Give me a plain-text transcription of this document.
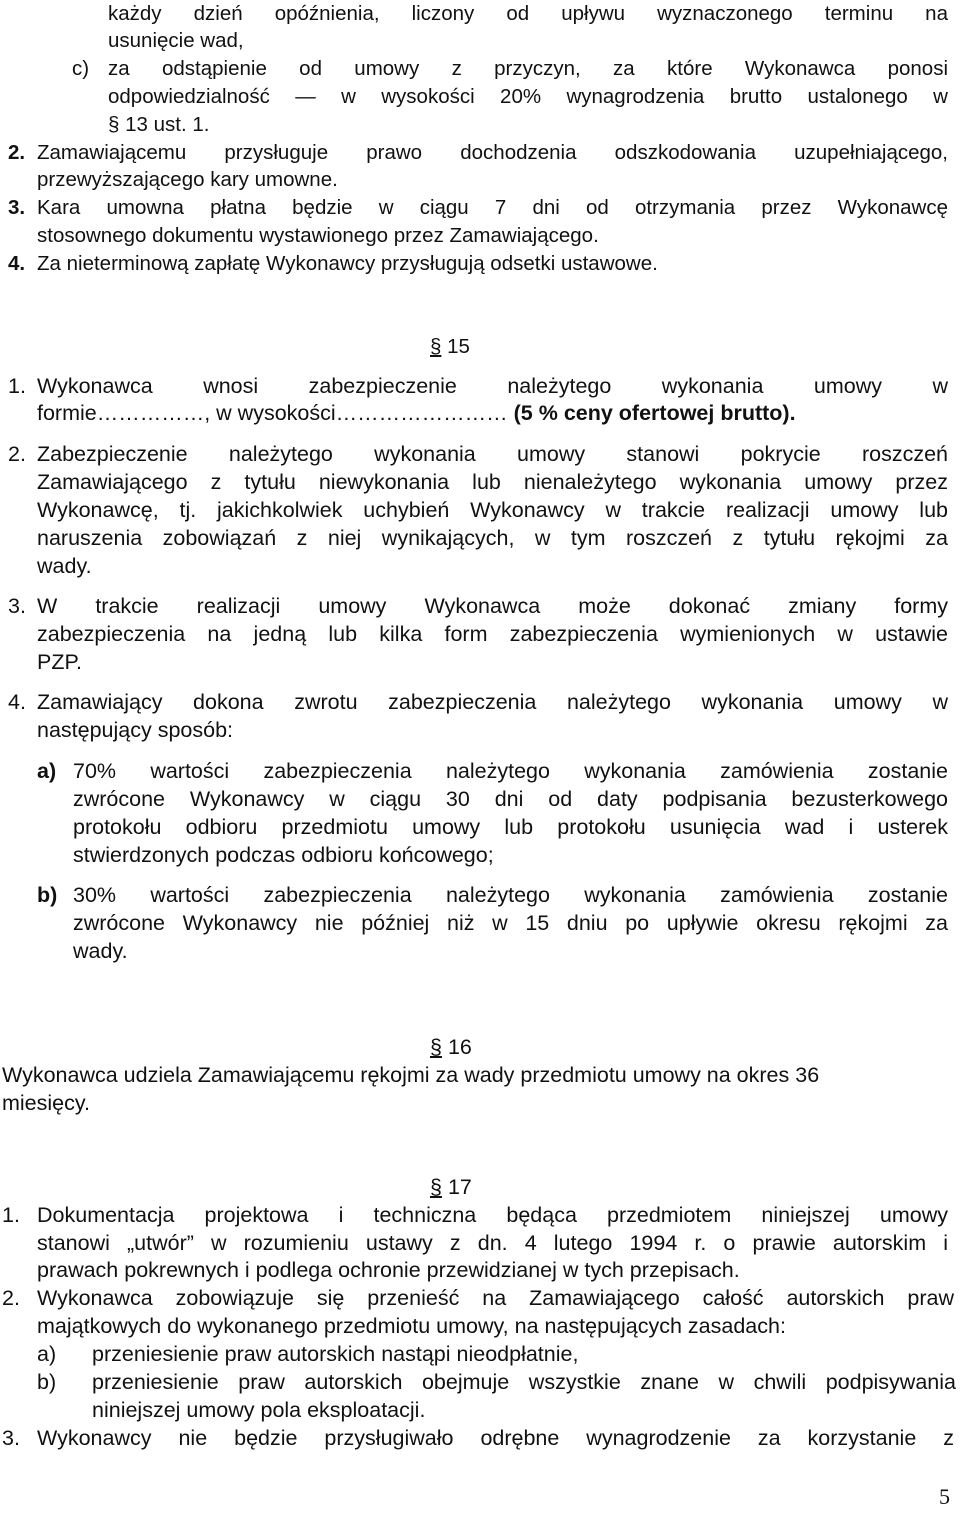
każdy dzień opóźnienia, liczony od upływu wyznaczonego terminu na

usunięcie wad,

c) za odstąpienie od umowy z przyczyn, za które Wykonawca ponosi

odpowiedzialność — w wysokości 20% wynagrodzenia brutto ustalonego w

§ 13 ust. 1.

2. Zamawiającemu przysługuje prawo dochodzenia odszkodowania uzupełniającego,

przewyższającego kary umowne.

3. Kara umowna płatna będzie w ciągu 7 dni od otrzymania przez Wykonawcę

stosownego dokumentu wystawionego przez Zamawiającego.

4. Za nieterminową zapłatę Wykonawcy przysługują odsetki ustawowe.

§ 15
1. Wykonawca wnosi zabezpieczenie należytego wykonania umowy w

formie……………, w wysokości…………………… (5 % ceny ofertowej brutto).

2. Zabezpieczenie należytego wykonania umowy stanowi pokrycie roszczeń

Zamawiającego z tytułu niewykonania lub nienależytego wykonania umowy przez

Wykonawcę, tj. jakichkolwiek uchybień Wykonawcy w trakcie realizacji umowy lub

naruszenia zobowiązań z niej wynikających, w tym roszczeń z tytułu rękojmi za

wady.

3. W trakcie realizacji umowy Wykonawca może dokonać zmiany formy

zabezpieczenia na jedną lub kilka form zabezpieczenia wymienionych w ustawie

PZP.

4. Zamawiający dokona zwrotu zabezpieczenia należytego wykonania umowy w

następujący sposób:

a) 70% wartości zabezpieczenia należytego wykonania zamówienia zostanie

zwrócone Wykonawcy w ciągu 30 dni od daty podpisania bezusterkowego

protokołu odbioru przedmiotu umowy lub protokołu usunięcia wad i usterek

stwierdzonych podczas odbioru końcowego;

b) 30% wartości zabezpieczenia należytego wykonania zamówienia zostanie

zwrócone Wykonawcy nie później niż w 15 dniu po upływie okresu rękojmi za

wady.

§ 16

Wykonawca udziela Zamawiającemu rękojmi za wady przedmiotu umowy na okres 36

miesięcy.

§ 17
1. Dokumentacja projektowa i techniczna będąca przedmiotem niniejszej umowy

stanowi „utwór” w rozumieniu ustawy z dn. 4 lutego 1994 r. o prawie autorskim i

prawach pokrewnych i podlega ochronie przewidzianej w tych przepisach.

2. Wykonawca zobowiązuje się przenieść na Zamawiającego całość autorskich praw

majątkowych do wykonanego przedmiotu umowy, na następujących zasadach:

a) przeniesienie praw autorskich nastąpi nieodpłatnie,

b) przeniesienie praw autorskich obejmuje wszystkie znane w chwili podpisywania

niniejszej umowy pola eksploatacji.

3. Wykonawcy nie będzie przysługiwało odrębne wynagrodzenie za korzystanie z

5
